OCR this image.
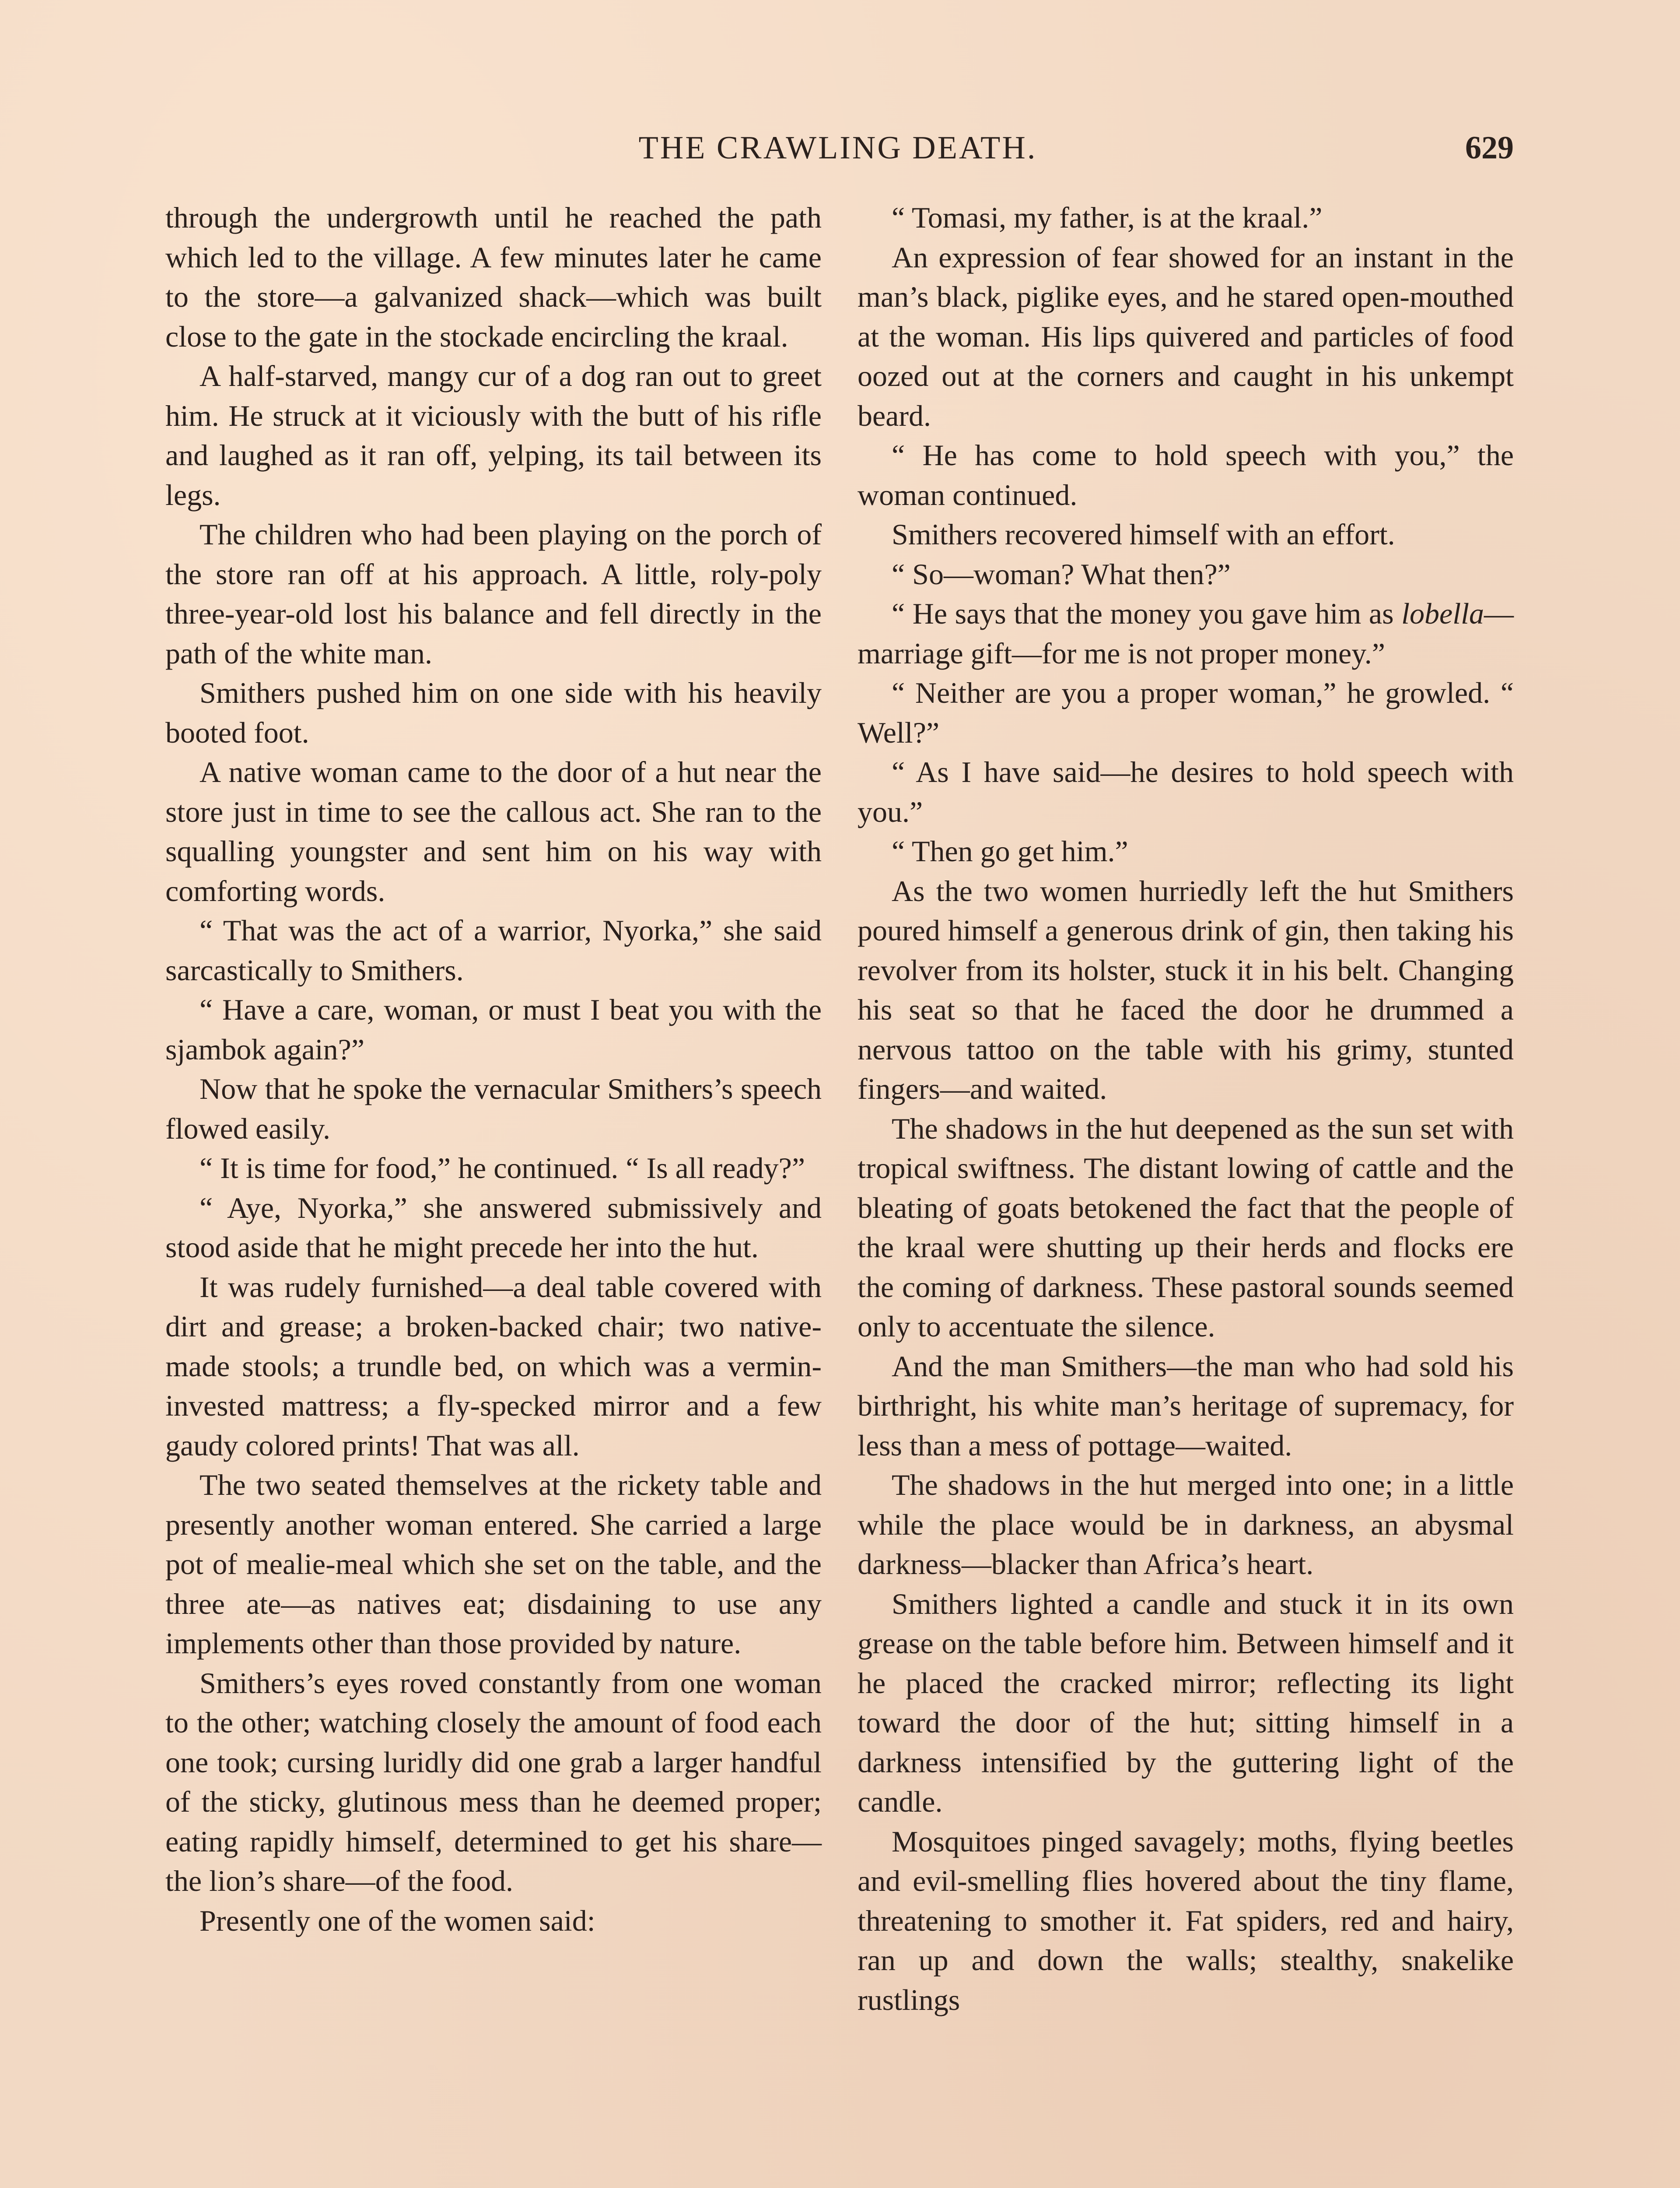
THE CRAWLING DEATH.	629

through the undergrowth until he reached the path which led to the village. A few minutes later he came to the store—a galvanized shack—which was built close to the gate in the stockade encircling the kraal.

A half-starved, mangy cur of a dog ran out to greet him. He struck at it viciously with the butt of his rifle and laughed as it ran off, yelping, its tail between its legs.

The children who had been playing on the porch of the store ran off at his approach. A little, roly-poly three-year-old lost his balance and fell directly in the path of the white man.

Smithers pushed him on one side with his heavily booted foot.

A native woman came to the door of a hut near the store just in time to see the callous act. She ran to the squalling youngster and sent him on his way with comforting words.

“ That was the act of a warrior, Nyorka,” she said sarcastically to Smithers.

“ Have a care, woman, or must I beat you with the sjambok again?”

Now that he spoke the vernacular Smithers’s speech flowed easily.

“ It is time for food,” he continued. “ Is all ready?”

“ Aye, Nyorka,” she answered submissively and stood aside that he might precede her into the hut.

It was rudely furnished—a deal table covered with dirt and grease; a broken-backed chair; two native-made stools; a trundle bed, on which was a vermin-invested mattress; a fly-specked mirror and a few gaudy colored prints! That was all.

The two seated themselves at the rickety table and presently another woman entered. She carried a large pot of mealie-meal which she set on the table, and the three ate—as natives eat; disdaining to use any implements other than those provided by nature.

Smithers’s eyes roved constantly from one woman to the other; watching closely the amount of food each one took; cursing luridly did one grab a larger handful of the sticky, glutinous mess than he deemed proper; eating rapidly himself, determined to get his share—the lion’s share—of the food.

Presently one of the women said:

“ Tomasi, my father, is at the kraal.”

An expression of fear showed for an instant in the man’s black, piglike eyes, and he stared open-mouthed at the woman. His lips quivered and particles of food oozed out at the corners and caught in his unkempt beard.

“ He has come to hold speech with you,” the woman continued.

Smithers recovered himself with an effort.

“ So—woman? What then?”

“ He says that the money you gave him as lobella—marriage gift—for me is not proper money.”

“ Neither are you a proper woman,” he growled. “ Well?”

“ As I have said—he desires to hold speech with you.”

“ Then go get him.”

As the two women hurriedly left the hut Smithers poured himself a generous drink of gin, then taking his revolver from its holster, stuck it in his belt. Changing his seat so that he faced the door he drummed a nervous tattoo on the table with his grimy, stunted fingers—and waited.

The shadows in the hut deepened as the sun set with tropical swiftness. The distant lowing of cattle and the bleating of goats betokened the fact that the people of the kraal were shutting up their herds and flocks ere the coming of darkness. These pastoral sounds seemed only to accentuate the silence.

And the man Smithers—the man who had sold his birthright, his white man’s heritage of supremacy, for less than a mess of pottage—waited.

The shadows in the hut merged into one; in a little while the place would be in darkness, an abysmal darkness—blacker than Africa’s heart.

Smithers lighted a candle and stuck it in its own grease on the table before him. Between himself and it he placed the cracked mirror; reflecting its light toward the door of the hut; sitting himself in a darkness intensified by the guttering light of the candle.

Mosquitoes pinged savagely; moths, flying beetles and evil-smelling flies hovered about the tiny flame, threatening to smother it. Fat spiders, red and hairy, ran up and down the walls; stealthy, snakelike rustlings
